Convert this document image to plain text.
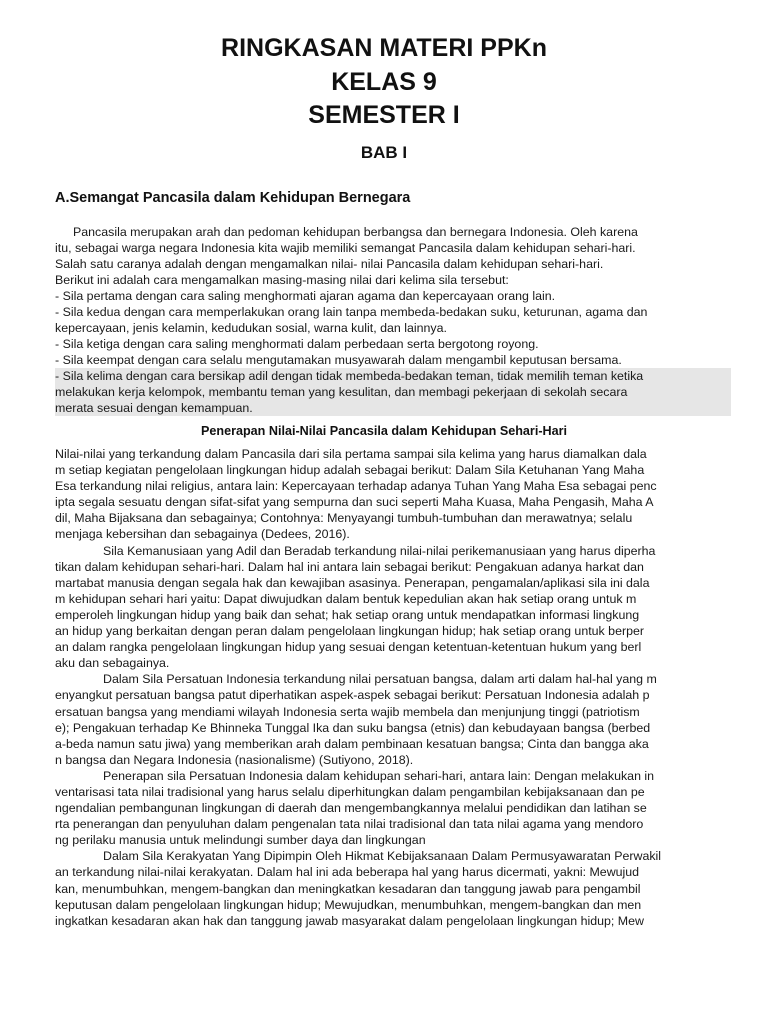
RINGKASAN MATERI PPKn
KELAS 9
SEMESTER I
BAB I
A.Semangat Pancasila dalam Kehidupan Bernegara
Pancasila merupakan arah dan pedoman kehidupan berbangsa dan bernegara Indonesia. Oleh karena
itu, sebagai warga negara Indonesia kita wajib memiliki semangat Pancasila dalam kehidupan sehari-hari.
Salah satu caranya adalah dengan mengamalkan nilai- nilai Pancasila dalam kehidupan sehari-hari.
Berikut ini adalah cara mengamalkan masing-masing nilai dari kelima sila tersebut:
- Sila pertama dengan cara saling menghormati ajaran agama dan kepercayaan orang lain.
- Sila kedua dengan cara memperlakukan orang lain tanpa membeda-bedakan suku, keturunan, agama dan
kepercayaan, jenis kelamin, kedudukan sosial, warna kulit, dan lainnya.
- Sila ketiga dengan cara saling menghormati dalam perbedaan serta bergotong royong.
- Sila keempat dengan cara selalu mengutamakan musyawarah dalam mengambil keputusan bersama.
- Sila kelima dengan cara bersikap adil dengan tidak membeda-bedakan teman, tidak memilih teman ketika
melakukan kerja kelompok, membantu teman yang kesulitan, dan membagi pekerjaan di sekolah secara
merata sesuai dengan kemampuan.
Penerapan Nilai-Nilai Pancasila dalam Kehidupan Sehari-Hari
Nilai-nilai yang terkandung dalam Pancasila dari sila pertama sampai sila kelima yang harus diamalkan dala
m setiap kegiatan pengelolaan lingkungan hidup adalah sebagai berikut: Dalam Sila Ketuhanan Yang Maha
Esa terkandung nilai religius, antara lain: Kepercayaan terhadap adanya Tuhan Yang Maha Esa sebagai penc
ipta segala sesuatu dengan sifat-sifat yang sempurna dan suci seperti Maha Kuasa, Maha Pengasih, Maha A
dil, Maha Bijaksana dan sebagainya; Contohnya: Menyayangi tumbuh-tumbuhan dan merawatnya; selalu
menjaga kebersihan dan sebagainya (Dedees, 2016).
Sila Kemanusiaan yang Adil dan Beradab terkandung nilai-nilai perikemanusiaan yang harus diperha
tikan dalam kehidupan sehari-hari. Dalam hal ini antara lain sebagai berikut: Pengakuan adanya harkat dan
martabat manusia dengan segala hak dan kewajiban asasinya. Penerapan, pengamalan/aplikasi sila ini dala
m kehidupan sehari hari yaitu: Dapat diwujudkan dalam bentuk kepedulian akan hak setiap orang untuk m
emperoleh lingkungan hidup yang baik dan sehat; hak setiap orang untuk mendapatkan informasi lingkung
an hidup yang berkaitan dengan peran dalam pengelolaan lingkungan hidup; hak setiap orang untuk berper
an dalam rangka pengelolaan lingkungan hidup yang sesuai dengan ketentuan-ketentuan hukum yang berl
aku dan sebagainya.
Dalam Sila Persatuan Indonesia terkandung nilai persatuan bangsa, dalam arti dalam hal-hal yang m
enyangkut persatuan bangsa patut diperhatikan aspek-aspek sebagai berikut: Persatuan Indonesia adalah p
ersatuan bangsa yang mendiami wilayah Indonesia serta wajib membela dan menjunjung tinggi (patriotism
e); Pengakuan terhadap Ke Bhinneka Tunggal Ika dan suku bangsa (etnis) dan kebudayaan bangsa (berbed
a-beda namun satu jiwa) yang memberikan arah dalam pembinaan kesatuan bangsa; Cinta dan bangga aka
n bangsa dan Negara Indonesia (nasionalisme) (Sutiyono, 2018).
Penerapan sila Persatuan Indonesia dalam kehidupan sehari-hari, antara lain: Dengan melakukan in
ventarisasi tata nilai tradisional yang harus selalu diperhitungkan dalam pengambilan kebijaksanaan dan pe
ngendalian pembangunan lingkungan di daerah dan mengembangkannya melalui pendidikan dan latihan se
rta penerangan dan penyuluhan dalam pengenalan tata nilai tradisional dan tata nilai agama yang mendoro
ng perilaku manusia untuk melindungi sumber daya dan lingkungan
Dalam Sila Kerakyatan Yang Dipimpin Oleh Hikmat Kebijaksanaan Dalam Permusyawaratan Perwakil
an terkandung nilai-nilai kerakyatan. Dalam hal ini ada beberapa hal yang harus dicermati, yakni: Mewujud
kan, menumbuhkan, mengem-bangkan dan meningkatkan kesadaran dan tanggung jawab para pengambil
keputusan dalam pengelolaan lingkungan hidup; Mewujudkan, menumbuhkan, mengem-bangkan dan men
ingkatkan kesadaran akan hak dan tanggung jawab masyarakat dalam pengelolaan lingkungan hidup; Mew
